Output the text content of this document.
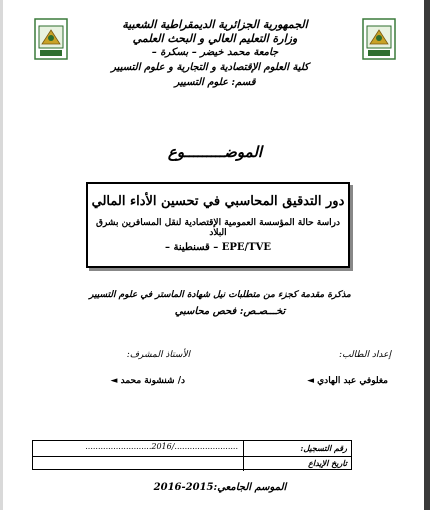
الجمهورية الجزائرية الديمقراطية الشعبية
وزارة التعليم العالي و البحث العلمي
جامعة محمد خيضر – بسكرة –
كلية العلوم الإقتصادية و التجارية و علوم التسيير
قسم: علوم التسيير
الموضـــــــــوع
دور التدقيق المحاسبي في تحسين الأداء المالي
دراسة حالة المؤسسة العمومية الإقتصادية لنقل المسافرين بشرق البلاد
EPE/TVE – قسنطينة –
مذكرة مقدمة كجزء من متطلبات نيل شهادة الماستر في علوم التسيير
تخـــصـص: فحص محاسبي
إعداد الطالب:
الأستاذ المشرف:
مغلوفي عبد الهادي ◄
د/ شنشونة محمد ◄
رقم التسجيل:
..........................2016/.........................
تاريخ الإيداع
الموسم الجامعي:2015-2016
